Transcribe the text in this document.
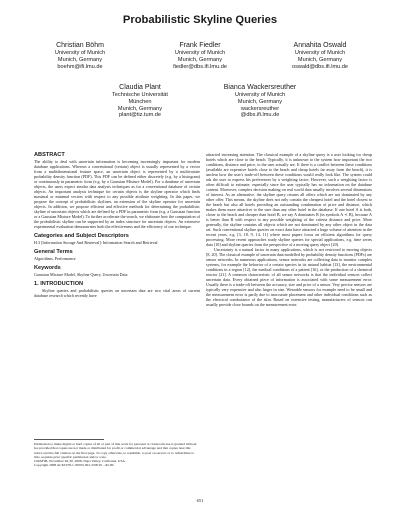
Probabilistic Skyline Queries
Christian Böhm
University of Munich
Munich, Germany
boehm@ifi.lmu.de
Frank Fiedler
University of Munich
Munich, Germany
fiedler@dbs.ifi.lmu.de
Annahita Oswald
University of Munich
Munich, Germany
oswald@dbs.ifi.lmu.de
Claudia Plant
Technische Universität
München
Munich, Germany
plant@tiz.tum.de
Bianca Wackersreuther
University of Munich
Munich, Germany
wackersreuther
@dbs.ifi.lmu.de
ABSTRACT

The ability to deal with uncertain information is becoming increasingly important for modern database applications. Whereas a conventional (certain) object is usually represented by a vector from a multidimensional feature space, an uncertain object is represented by a multivariate probability density function (PDF). This PDF can be defined either discretely (e.g. by a histogram) or continuously in parametric form (e.g. by a Gaussian Mixture Model). For a database of uncertain objects, the users expect similar data analysis techniques as for a conventional database of certain objects. An important analysis technique for certain objects is the skyline operator which finds maximal or minimal vectors with respect to any possible attribute weighting. In this paper, we propose the concept of probabilistic skylines, an extension of the skyline operator for uncertain objects. In addition, we propose efficient and effective methods for determining the probabilistic skyline of uncertain objects which are defined by a PDF in parametric form (e.g. a Gaussian function or a Gaussian Mixture Model). To further accelerate the search, we elaborate how the computation of the probabilistic skyline can be supported by an index structure for uncertain objects. An extensive experimental evaluation demonstrates both the effectiveness and the efficiency of our technique.

Categories and Subject Descriptors

H.3 [Information Storage And Retrieval]: Information Search and Retrieval

General Terms

Algorithms, Performance

Keywords

Gaussian Mixture Model, Skyline Query, Uncertain Data

1. INTRODUCTION

Skyline queries and probabilistic queries on uncertain data are two vital areas of current database research which recently have

Permission to make digital or hard copies of all or part of this work for personal or classroom use is granted without fee provided that copies are not made or distributed for profit or commercial advantage and that copies bear this notice and the full citation on the first page. To copy otherwise, to republish, to post on servers or to redistribute to lists, requires prior specific permission and/or a fee.
CIKM'08, November 26-30, 2008, Napa Valley, California, USA.
Copyright 2008 ACM 978-1-59593-991-3/08/10 ...$5.00.

attracted increasing attention. The classical example of a skyline query is a user looking for cheap hotels which are close to the beach. Typically, it is unknown to the system how important the two conditions, distance and price, to the user actually are. If there is a conflict between these conditions (available are expensive hotels close to the beach and cheap hotels far away from the beach), it is unclear how the user's trade-off between these conditions would really look like. The system could ask the user to express his preferences by a weighting factor. However, such a weighting factor is often difficult to estimate, especially since the user typically has no information on the database content. Moreover, complex decision making on real world data usually involves several dimensions of interest. As an alternative, the skyline query returns all offers which are not dominated by any other offer. This means, the skyline does not only contain the cheapest hotel and the hotel closest to the beach but also all hotels providing an outstanding combination of price and distance, which makes them more attractive to the user than any other hotel in the database. If one hotel A is both, closer to the beach and cheaper than hotel B, we say A dominates B (in symbols A ≺ B), because A is better than B with respect to any possible weighting of the criteria distance and price. More generally, the skyline contains all objects which are not dominated by any other object in the data set. Such conventional skyline queries on exact data have attracted a huge volume of attention in the recent years, e.g. [3, 18, 9, 14, 11] where most papers focus on efficient algorithms for query processing. More recent approaches study skyline queries for special applications, e.g. time series data [10] and skyline queries from the perspective of a moving query object [20].

Uncertainty is a natural factor in many applications, which is not restricted to moving objects [8, 20]. The classical example of uncertain data modelled by probability density functions (PDFs) are sensor networks. In numerous applications, sensor networks are collecting data to monitor complex systems, for example the behavior of a certain species in its natural habitat [13], the environmental conditions in a region [12], the medical conditions of a patient [16], or the production of a chemical reactor [21]. A common characteristic of all sensor networks is that the individual sensors collect uncertain data. Every obtained piece of information is associated with some measurement error. Usually there is a trade-off between the accuracy, size and price of a sensor. Very precise sensors are typically very expensive and also larger in size. Wearable sensors for example need to be small and the measurement error is partly due to inaccurate placement and other individual conditions such as the electrical conductance of the skin. Based on extensive testing, manufacturers of sensors can usually provide close bounds on the measurement error.

651
